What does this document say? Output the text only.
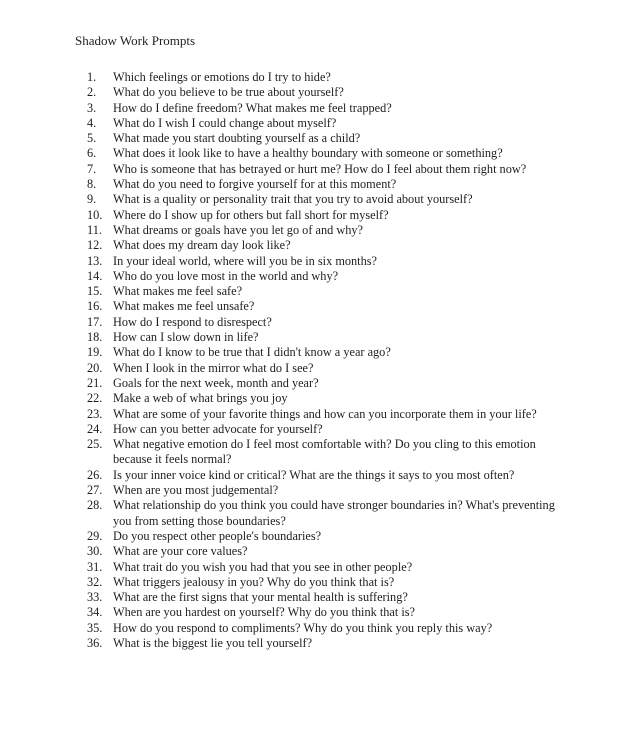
Shadow Work Prompts
1.	Which feelings or emotions do I try to hide?
2.	What do you believe to be true about yourself?
3.	How do I define freedom? What makes me feel trapped?
4.	What do I wish I could change about myself?
5.	What made you start doubting yourself as a child?
6.	What does it look like to have a healthy boundary with someone or something?
7.	Who is someone that has betrayed or hurt me? How do I feel about them right now?
8.	What do you need to forgive yourself for at this moment?
9.	What is a quality or personality trait that you try to avoid about yourself?
10. Where do I show up for others but fall short for myself?
11. What dreams or goals have you let go of and why?
12. What does my dream day look like?
13. In your ideal world, where will you be in six months?
14. Who do you love most in the world and why?
15. What makes me feel safe?
16. What makes me feel unsafe?
17. How do I respond to disrespect?
18. How can I slow down in life?
19. What do I know to be true that I didn't know a year ago?
20. When I look in the mirror what do I see?
21. Goals for the next week, month and year?
22. Make a web of what brings you joy
23. What are some of your favorite things and how can you incorporate them in your life?
24. How can you better advocate for yourself?
25. What negative emotion do I feel most comfortable with? Do you cling to this emotion because it feels normal?
26. Is your inner voice kind or critical? What are the things it says to you most often?
27. When are you most judgemental?
28. What relationship do you think you could have stronger boundaries in? What's preventing you from setting those boundaries?
29. Do you respect other people's boundaries?
30. What are your core values?
31. What trait do you wish you had that you see in other people?
32. What triggers jealousy in you? Why do you think that is?
33. What are the first signs that your mental health is suffering?
34. When are you hardest on yourself? Why do you think that is?
35. How do you respond to compliments? Why do you think you reply this way?
36. What is the biggest lie you tell yourself?
